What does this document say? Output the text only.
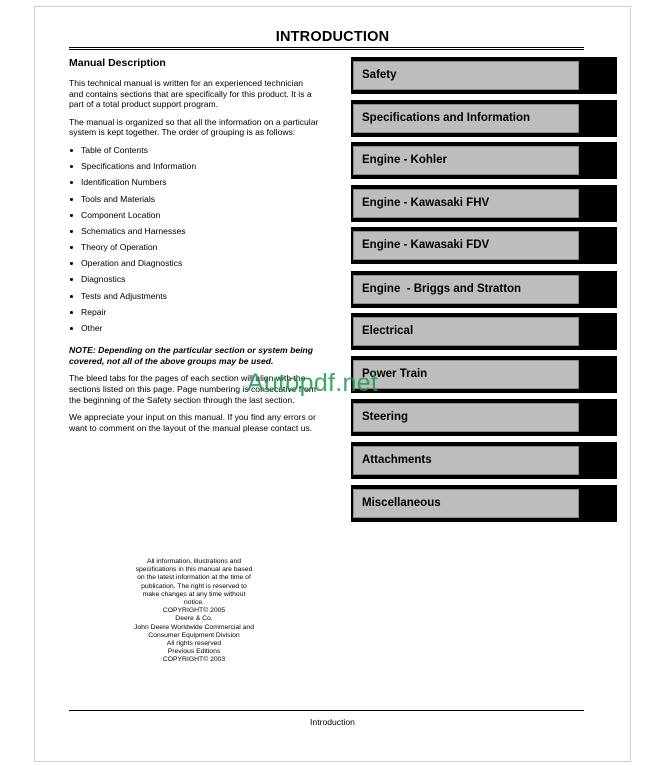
INTRODUCTION
Manual Description

This technical manual is written for an experienced technician and contains sections that are specifically for this product. It is a part of a total product support program.

The manual is organized so that all the information on a particular system is kept together. The order of grouping is as follows:

Table of Contents
Specifications and Information
Identification Numbers
Tools and Materials
Component Location
Schematics and Harnesses
Theory of Operation
Operation and Diagnostics
Diagnostics
Tests and Adjustments
Repair
Other

NOTE: Depending on the particular section or system being covered, not all of the above groups may be used.

The bleed tabs for the pages of each section will align with the sections listed on this page. Page numbering is consecutive from the beginning of the Safety section through the last section.

We appreciate your input on this manual. If you find any errors or want to comment on the layout of the manual please contact us.

Safety
Specifications and Information
Engine - Kohler
Engine - Kawasaki FHV
Engine - Kawasaki FDV
Engine  - Briggs and Stratton
Electrical
Power Train
Steering
Attachments
Miscellaneous
Autopdf.net
All information, illustrations and
specifications in this manual are based
on the latest information at the time of
publication. The right is reserved to
make changes at any time without
notice.
COPYRIGHT© 2005
Deere & Co.
John Deere Worldwide Commercial and
Consumer Equipment Division
All rights reserved
Previous Editions
COPYRIGHT© 2003
Introduction
